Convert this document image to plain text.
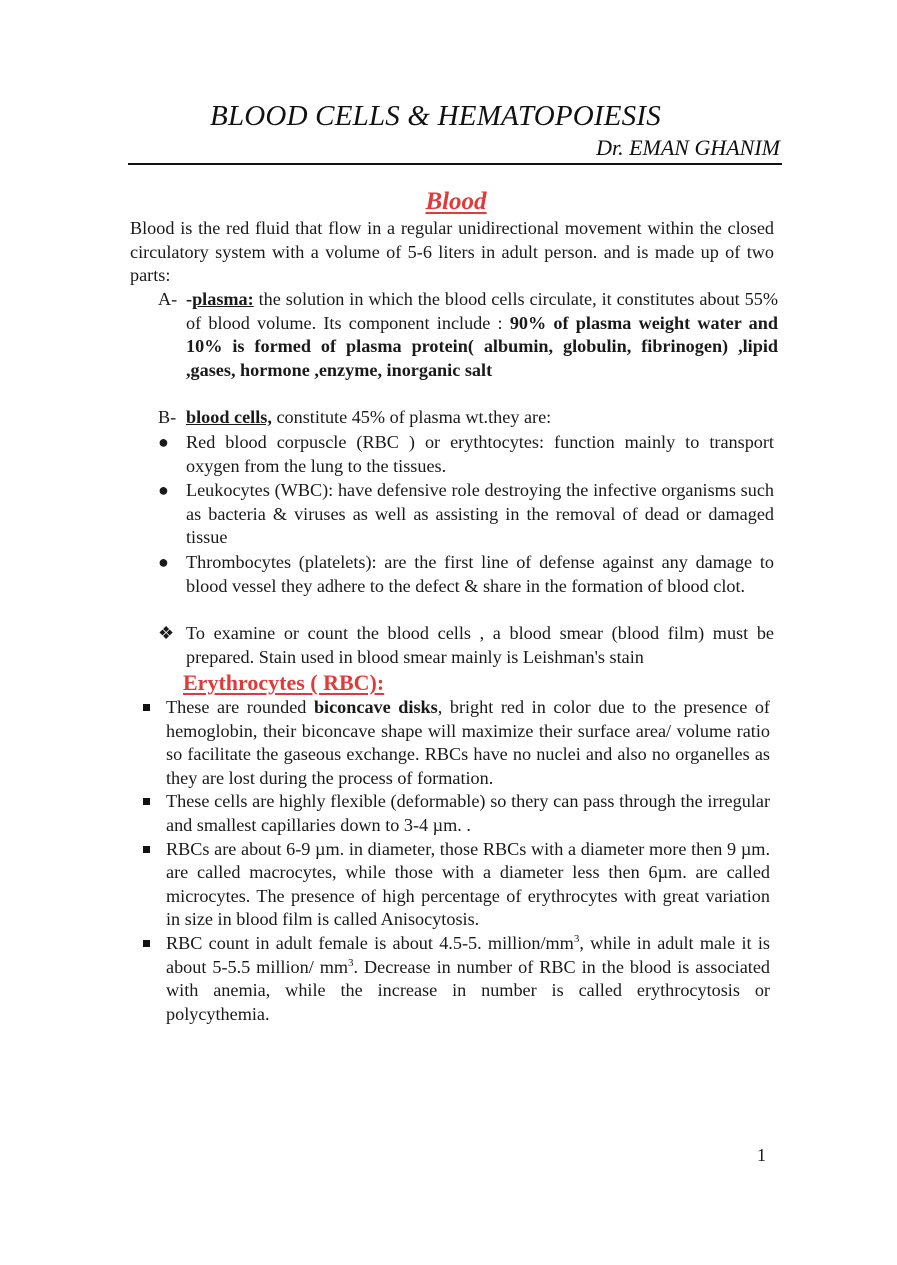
BLOOD CELLS & HEMATOPOIESIS
Dr. EMAN GHANIM
Blood
Blood is the red fluid that flow in a regular unidirectional movement within the closed circulatory system with a volume of 5-6 liters in adult person. and is made up of two parts:
A- -plasma: the solution in which the blood cells circulate, it constitutes about 55% of blood volume. Its component include : 90% of plasma weight water and 10% is formed of plasma protein( albumin, globulin, fibrinogen) ,lipid ,gases, hormone ,enzyme, inorganic salt
B- blood cells, constitute 45% of plasma wt.they are:
● Red blood corpuscle (RBC ) or erythtocytes: function mainly to transport oxygen from the lung to the tissues.
● Leukocytes (WBC): have defensive role destroying the infective organisms such as bacteria & viruses as well as assisting in the removal of dead or damaged tissue
● Thrombocytes (platelets): are the first line of defense against any damage to blood vessel they adhere to the defect & share in the formation of blood clot.
❖ To examine or count the blood cells , a blood smear (blood film) must be prepared. Stain used in blood smear mainly is Leishman's stain
Erythrocytes ( RBC):
These are rounded biconcave disks, bright red in color due to the presence of hemoglobin, their biconcave shape will maximize their surface area/ volume ratio so facilitate the gaseous exchange. RBCs have no nuclei and also no organelles as they are lost during the process of formation.
These cells are highly flexible (deformable) so thery can pass through the irregular and smallest capillaries down to 3-4 µm. .
RBCs are about 6-9 µm. in diameter, those RBCs with a diameter more then 9 µm. are called macrocytes, while those with a diameter less then 6µm. are called microcytes. The presence of high percentage of erythrocytes with great variation in size in blood film is called Anisocytosis.
RBC count in adult female is about 4.5-5. million/$mm^3$, while in adult male it is about 5-5.5 million/ $mm^3$. Decrease in number of RBC in the blood is associated with anemia, while the increase in number is called erythrocytosis or polycythemia.
1
